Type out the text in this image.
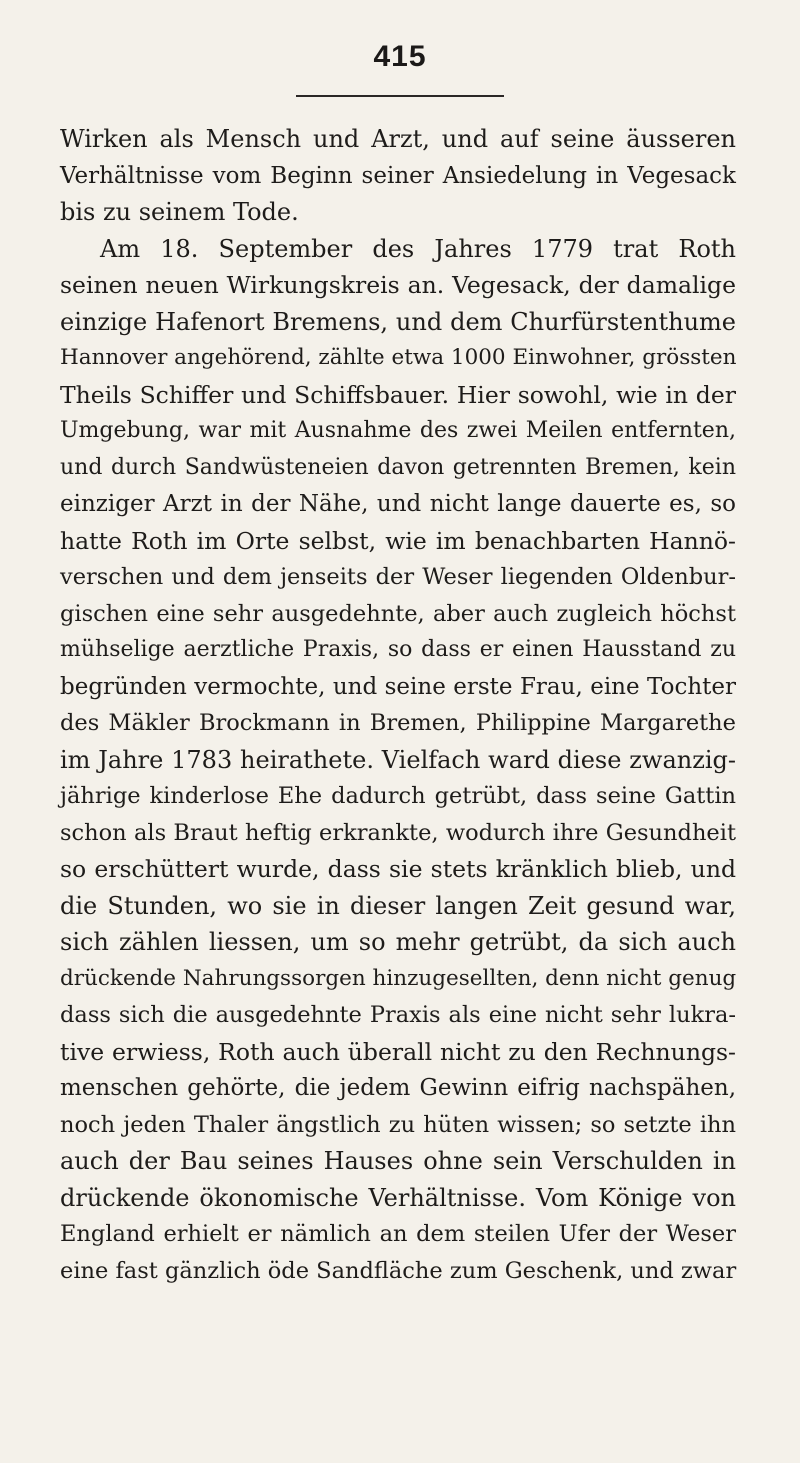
415
Wirken als Mensch und Arzt, und auf seine äusseren
Verhältnisse vom Beginn seiner Ansiedelung in Vegesack
bis zu seinem Tode.
Am 18. September des Jahres 1779 trat Roth
seinen neuen Wirkungskreis an. Vegesack, der damalige
einzige Hafenort Bremens, und dem Churfürstenthume
Hannover angehörend, zählte etwa 1000 Einwohner, grössten
Theils Schiffer und Schiffsbauer. Hier sowohl, wie in der
Umgebung, war mit Ausnahme des zwei Meilen entfernten,
und durch Sandwüsteneien davon getrennten Bremen, kein
einziger Arzt in der Nähe, und nicht lange dauerte es, so
hatte Roth im Orte selbst, wie im benachbarten Hannö-
verschen und dem jenseits der Weser liegenden Oldenbur-
gischen eine sehr ausgedehnte, aber auch zugleich höchst
mühselige aerztliche Praxis, so dass er einen Hausstand zu
begründen vermochte, und seine erste Frau, eine Tochter
des Mäkler Brockmann in Bremen, Philippine Margarethe
im Jahre 1783 heirathete. Vielfach ward diese zwanzig-
jährige kinderlose Ehe dadurch getrübt, dass seine Gattin
schon als Braut heftig erkrankte, wodurch ihre Gesundheit
so erschüttert wurde, dass sie stets kränklich blieb, und
die Stunden, wo sie in dieser langen Zeit gesund war,
sich zählen liessen, um so mehr getrübt, da sich auch
drückende Nahrungssorgen hinzugesellten, denn nicht genug
dass sich die ausgedehnte Praxis als eine nicht sehr lukra-
tive erwiess, Roth auch überall nicht zu den Rechnungs-
menschen gehörte, die jedem Gewinn eifrig nachspähen,
noch jeden Thaler ängstlich zu hüten wissen; so setzte ihn
auch der Bau seines Hauses ohne sein Verschulden in
drückende ökonomische Verhältnisse. Vom Könige von
England erhielt er nämlich an dem steilen Ufer der Weser
eine fast gänzlich öde Sandfläche zum Geschenk, und zwar
